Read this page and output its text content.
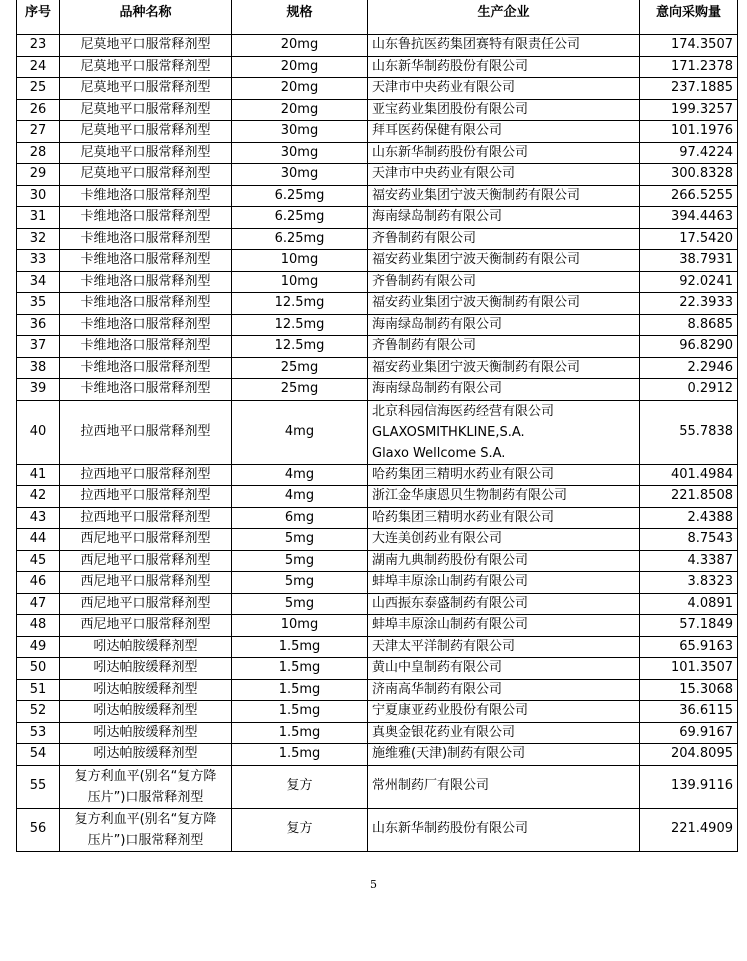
序号	品种名称	规格	生产企业	意向采购量
23	尼莫地平口服常释剂型	20mg	山东鲁抗医药集团赛特有限责任公司	174.3507
24	尼莫地平口服常释剂型	20mg	山东新华制药股份有限公司	171.2378
25	尼莫地平口服常释剂型	20mg	天津市中央药业有限公司	237.1885
26	尼莫地平口服常释剂型	20mg	亚宝药业集团股份有限公司	199.3257
27	尼莫地平口服常释剂型	30mg	拜耳医药保健有限公司	101.1976
28	尼莫地平口服常释剂型	30mg	山东新华制药股份有限公司	97.4224
29	尼莫地平口服常释剂型	30mg	天津市中央药业有限公司	300.8328
30	卡维地洛口服常释剂型	6.25mg	福安药业集团宁波天衡制药有限公司	266.5255
31	卡维地洛口服常释剂型	6.25mg	海南绿岛制药有限公司	394.4463
32	卡维地洛口服常释剂型	6.25mg	齐鲁制药有限公司	17.5420
33	卡维地洛口服常释剂型	10mg	福安药业集团宁波天衡制药有限公司	38.7931
34	卡维地洛口服常释剂型	10mg	齐鲁制药有限公司	92.0241
35	卡维地洛口服常释剂型	12.5mg	福安药业集团宁波天衡制药有限公司	22.3933
36	卡维地洛口服常释剂型	12.5mg	海南绿岛制药有限公司	8.8685
37	卡维地洛口服常释剂型	12.5mg	齐鲁制药有限公司	96.8290
38	卡维地洛口服常释剂型	25mg	福安药业集团宁波天衡制药有限公司	2.2946
39	卡维地洛口服常释剂型	25mg	海南绿岛制药有限公司	0.2912
40	拉西地平口服常释剂型	4mg	北京科园信海医药经营有限公司
GLAXOSMITHKLINE,S.A.
Glaxo Wellcome S.A.	55.7838
41	拉西地平口服常释剂型	4mg	哈药集团三精明水药业有限公司	401.4984
42	拉西地平口服常释剂型	4mg	浙江金华康恩贝生物制药有限公司	221.8508
43	拉西地平口服常释剂型	6mg	哈药集团三精明水药业有限公司	2.4388
44	西尼地平口服常释剂型	5mg	大连美创药业有限公司	8.7543
45	西尼地平口服常释剂型	5mg	湖南九典制药股份有限公司	4.3387
46	西尼地平口服常释剂型	5mg	蚌埠丰原涂山制药有限公司	3.8323
47	西尼地平口服常释剂型	5mg	山西振东泰盛制药有限公司	4.0891
48	西尼地平口服常释剂型	10mg	蚌埠丰原涂山制药有限公司	57.1849
49	吲达帕胺缓释剂型	1.5mg	天津太平洋制药有限公司	65.9163
50	吲达帕胺缓释剂型	1.5mg	黄山中皇制药有限公司	101.3507
51	吲达帕胺缓释剂型	1.5mg	济南高华制药有限公司	15.3068
52	吲达帕胺缓释剂型	1.5mg	宁夏康亚药业股份有限公司	36.6115
53	吲达帕胺缓释剂型	1.5mg	真奥金银花药业有限公司	69.9167
54	吲达帕胺缓释剂型	1.5mg	施维雅(天津)制药有限公司	204.8095
55	复方利血平(别名“复方降
压片”)口服常释剂型	复方	常州制药厂有限公司	139.9116
56	复方利血平(别名“复方降
压片”)口服常释剂型	复方	山东新华制药股份有限公司	221.4909
5
